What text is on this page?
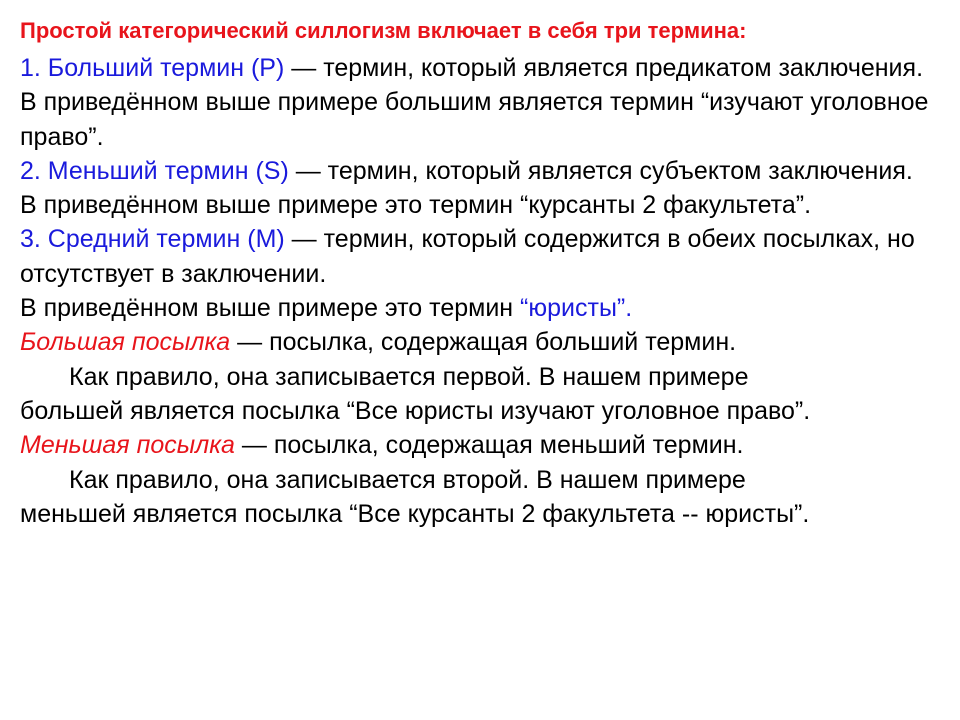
Простой категорический силлогизм включает в себя три термина:

1. Больший термин (Р) — термин, который является предикатом заключения.

В приведённом выше примере большим является термин “изучают уголовное право”.

2. Меньший термин (S) — термин, который является субъектом заключения.

В приведённом выше примере это термин “курсанты 2 факультета”.

3. Средний термин (М) — термин, который содержится в обеих посылках, но отсутствует в заключении.

В приведённом выше примере это термин “юристы”.

Большая посылка — посылка, содержащая больший термин.

Как правило, она записывается первой. В нашем примере

большей является посылка “Все юристы изучают уголовное право”.

Меньшая посылка — посылка, содержащая меньший термин.

Как правило, она записывается второй. В нашем примере

меньшей является посылка “Все курсанты 2 факультета -- юристы”.
